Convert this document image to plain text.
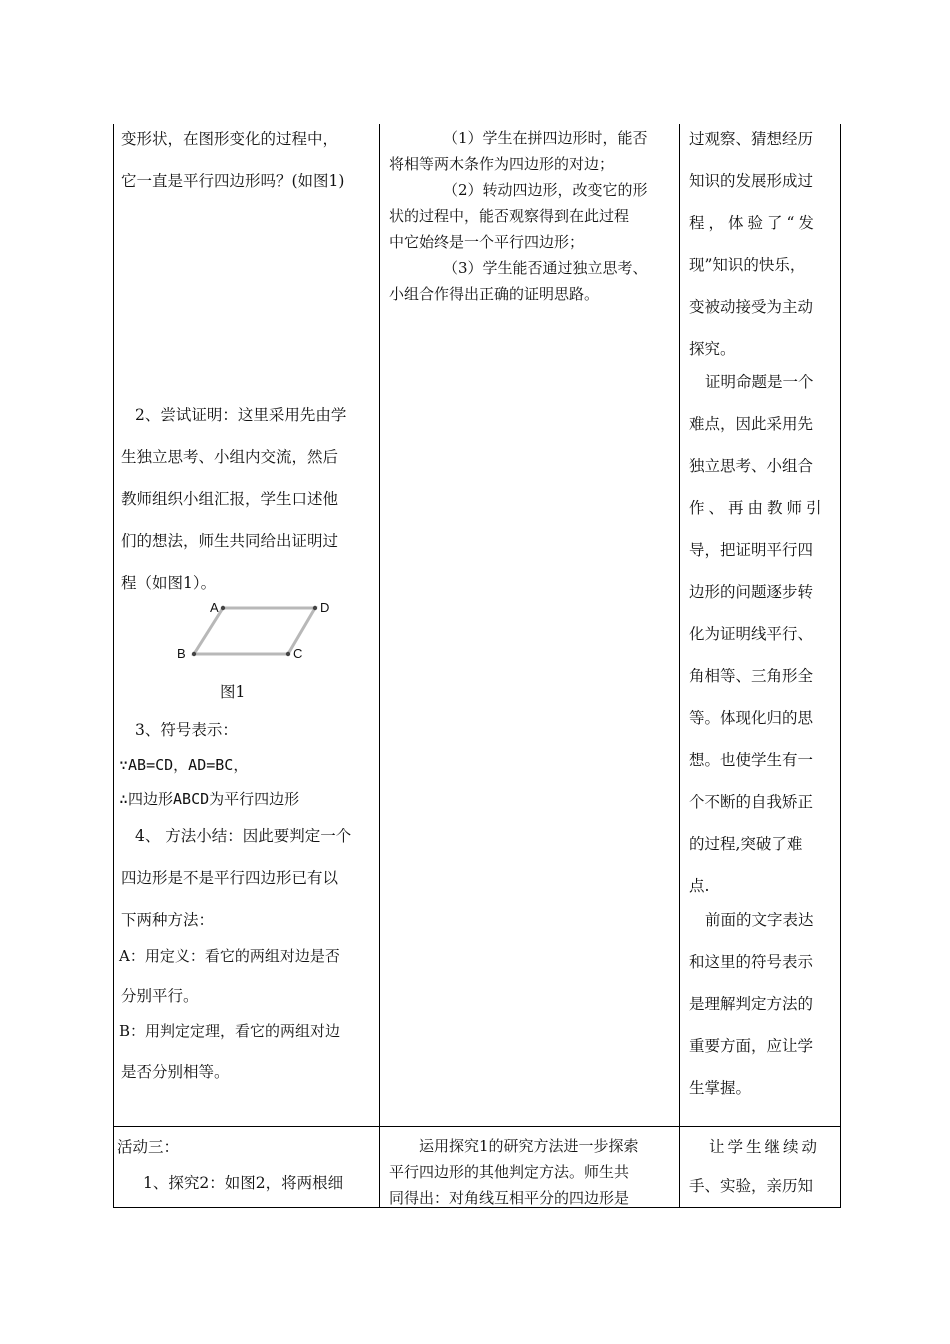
变形状，在图形变化的过程中，

它一直是平行四边形吗？(如图1)

2、尝试证明：这里采用先由学

生独立思考、小组内交流，然后

教师组织小组汇报，学生口述他

们的想法，师生共同给出证明过

程（如图1）。

A	D
B	C

图1

3、符号表示：

∵AB=CD，AD=BC，

∴四边形ABCD为平行四边形

4、 方法小结：因此要判定一个

四边形是不是平行四边形已有以

下两种方法：

A：用定义：看它的两组对边是否

分别平行。

B：用判定定理，看它的两组对边

是否分别相等。

活动三：

1、探究2：如图2，将两根细

（1）学生在拼四边形时，能否

将相等两木条作为四边形的对边；

（2）转动四边形，改变它的形

状的过程中，能否观察得到在此过程

中它始终是一个平行四边形；

（3）学生能否通过独立思考、

小组合作得出正确的证明思路。

运用探究1的研究方法进一步探索

平行四边形的其他判定方法。师生共

同得出：对角线互相平分的四边形是

过观察、猜想经历

知识的发展形成过

程，体验了“发

现”知识的快乐，

变被动接受为主动

探究。

证明命题是一个

难点，因此采用先

独立思考、小组合

作、再由教师引

导，把证明平行四

边形的问题逐步转

化为证明线平行、

角相等、三角形全

等。体现化归的思

想。也使学生有一

个不断的自我矫正

的过程,突破了难

点.

前面的文字表达

和这里的符号表示

是理解判定方法的

重要方面，应让学

生掌握。

让学生继续动

手、实验，亲历知
